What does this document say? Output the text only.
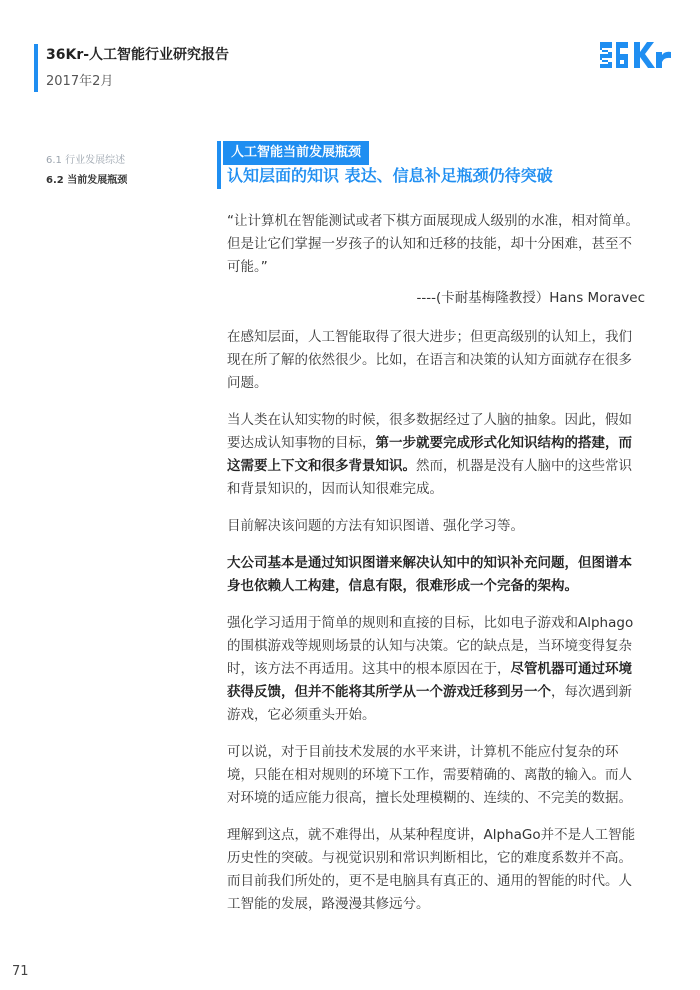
36Kr-人工智能行业研究报告
2017年2月
6.1 行业发展综述
6.2 当前发展瓶颈
人工智能当前发展瓶颈
认知层面的知识 表达、信息补足瓶颈仍待突破

“让计算机在智能测试或者下棋方面展现成人级别的水准，相对简单。但是让它们掌握一岁孩子的认知和迁移的技能，却十分困难，甚至不可能。”

----(卡耐基梅隆教授）Hans Moravec

在感知层面，人工智能取得了很大进步；但更高级别的认知上，我们现在所了解的依然很少。比如，在语言和决策的认知方面就存在很多问题。

当人类在认知实物的时候，很多数据经过了人脑的抽象。因此，假如要达成认知事物的目标，第一步就要完成形式化知识结构的搭建，而这需要上下文和很多背景知识。然而，机器是没有人脑中的这些常识和背景知识的，因而认知很难完成。

目前解决该问题的方法有知识图谱、强化学习等。

大公司基本是通过知识图谱来解决认知中的知识补充问题，但图谱本身也依赖人工构建，信息有限，很难形成一个完备的架构。

强化学习适用于简单的规则和直接的目标，比如电子游戏和Alphago的围棋游戏等规则场景的认知与决策。它的缺点是，当环境变得复杂时，该方法不再适用。这其中的根本原因在于，尽管机器可通过环境获得反馈，但并不能将其所学从一个游戏迁移到另一个，每次遇到新游戏，它必须重头开始。

可以说，对于目前技术发展的水平来讲，计算机不能应付复杂的环境，只能在相对规则的环境下工作，需要精确的、离散的输入。而人对环境的适应能力很高，擅长处理模糊的、连续的、不完美的数据。

理解到这点，就不难得出，从某种程度讲，AlphaGo并不是人工智能历史性的突破。与视觉识别和常识判断相比，它的难度系数并不高。而目前我们所处的，更不是电脑具有真正的、通用的智能的时代。人工智能的发展，路漫漫其修远兮。

71
